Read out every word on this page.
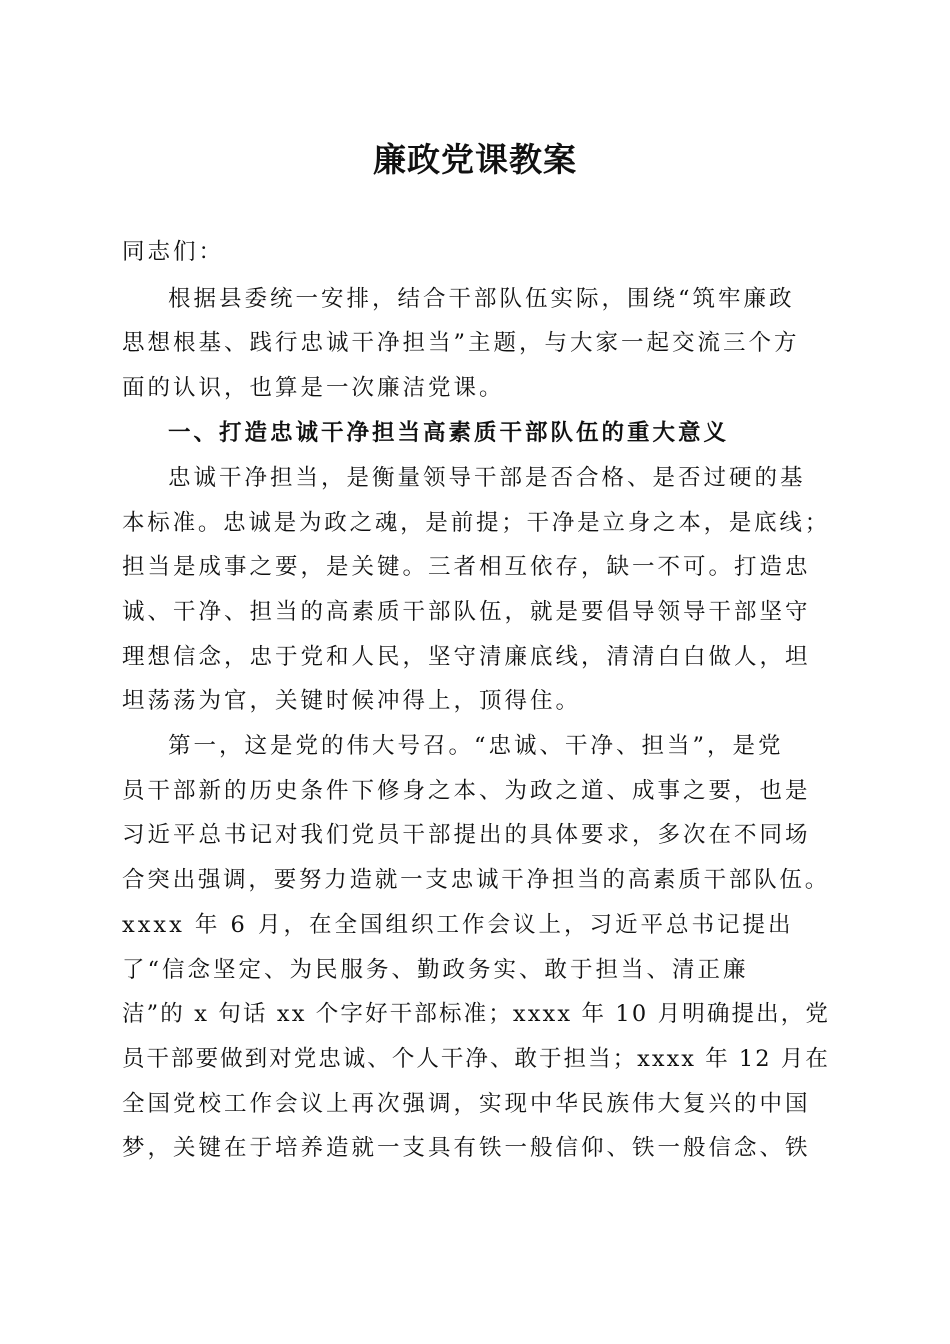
廉政党课教案
同志们：
根据县委统一安排，结合干部队伍实际，围绕“筑牢廉政
思想根基、践行忠诚干净担当”主题，与大家一起交流三个方
面的认识，也算是一次廉洁党课。
一、打造忠诚干净担当高素质干部队伍的重大意义
忠诚干净担当，是衡量领导干部是否合格、是否过硬的基
本标准。忠诚是为政之魂，是前提；干净是立身之本，是底线；
担当是成事之要，是关键。三者相互依存，缺一不可。打造忠
诚、干净、担当的高素质干部队伍，就是要倡导领导干部坚守
理想信念，忠于党和人民，坚守清廉底线，清清白白做人，坦
坦荡荡为官，关键时候冲得上，顶得住。
第一，这是党的伟大号召。“忠诚、干净、担当”，是党
员干部新的历史条件下修身之本、为政之道、成事之要，也是
习近平总书记对我们党员干部提出的具体要求，多次在不同场
合突出强调，要努力造就一支忠诚干净担当的高素质干部队伍。
xxxx 年 6 月，在全国组织工作会议上，习近平总书记提出
了“信念坚定、为民服务、勤政务实、敢于担当、清正廉
洁”的 x 句话 xx 个字好干部标准；xxxx 年 10 月明确提出，党
员干部要做到对党忠诚、个人干净、敢于担当；xxxx 年 12 月在
全国党校工作会议上再次强调，实现中华民族伟大复兴的中国
梦，关键在于培养造就一支具有铁一般信仰、铁一般信念、铁
